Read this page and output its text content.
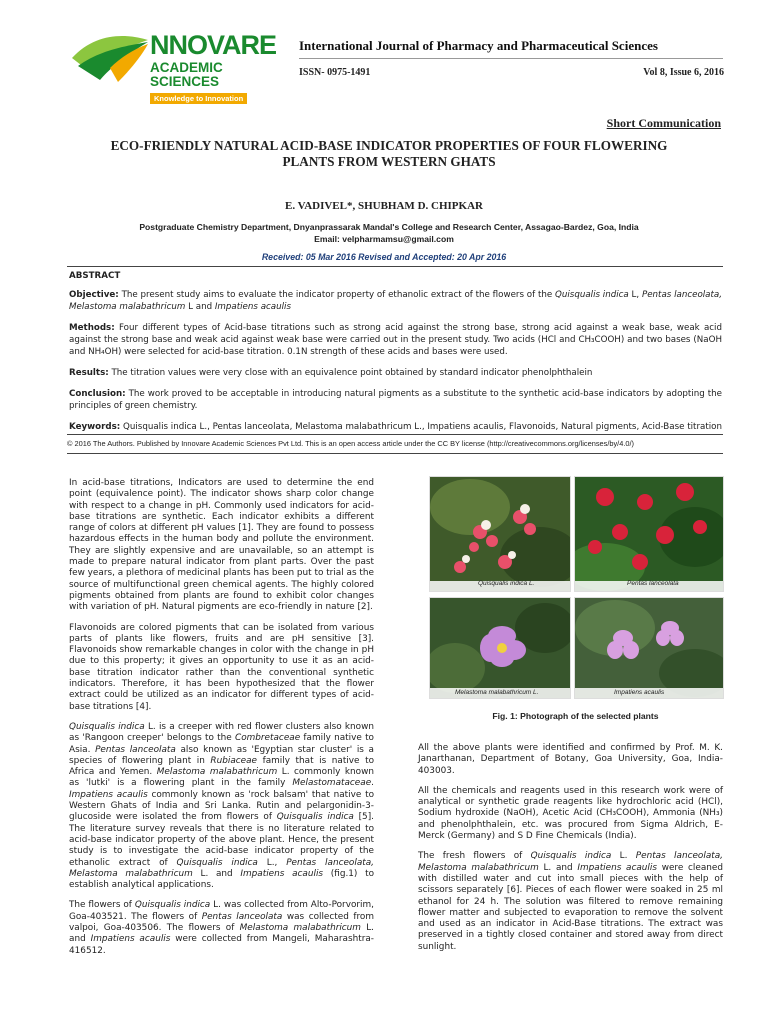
NNOVARE
ACADEMIC SCIENCES
Knowledge to Innovation
International Journal of Pharmacy and Pharmaceutical Sciences
ISSN- 0975-1491	Vol 8, Issue 6, 2016
Short Communication
ECO-FRIENDLY NATURAL ACID-BASE INDICATOR PROPERTIES OF FOUR FLOWERING PLANTS FROM WESTERN GHATS
E. VADIVEL*, SHUBHAM D. CHIPKAR
Postgraduate Chemistry Department, Dnyanprassarak Mandal's College and Research Center, Assagao-Bardez, Goa, India
Email: velpharmamsu@gmail.com
Received: 05 Mar 2016 Revised and Accepted: 20 Apr 2016

ABSTRACT

Objective: The present study aims to evaluate the indicator property of ethanolic extract of the flowers of the Quisqualis indica L, Pentas lanceolata, Melastoma malabathricum L and Impatiens acaulis

Methods: Four different types of Acid-base titrations such as strong acid against the strong base, strong acid against a weak base, weak acid against the strong base and weak acid against weak base were carried out in the present study. Two acids (HCl and CH₃COOH) and two bases (NaOH and NH₄OH) were selected for acid-base titration. 0.1N strength of these acids and bases were used.

Results: The titration values were very close with an equivalence point obtained by standard indicator phenolphthalein

Conclusion: The work proved to be acceptable in introducing natural pigments as a substitute to the synthetic acid-base indicators by adopting the principles of green chemistry.

Keywords: Quisqualis indica L., Pentas lanceolata, Melastoma malabathricum L., Impatiens acaulis, Flavonoids, Natural pigments, Acid-Base titration

© 2016 The Authors. Published by Innovare Academic Sciences Pvt Ltd. This is an open access article under the CC BY license (http://creativecommons.org/licenses/by/4.0/)

In acid-base titrations, Indicators are used to determine the end point (equivalence point). The indicator shows sharp color change with respect to a change in pH. Commonly used indicators for acid-base titrations are synthetic. Each indicator exhibits a different range of colors at different pH values [1]. They are found to possess hazardous effects in the human body and pollute the environment. They are slightly expensive and are unavailable, so an attempt is made to prepare natural indicator from plant parts. Over the past few years, a plethora of medicinal plants has been put to trial as the source of multifunctional green chemical agents. The highly colored pigments obtained from plants are found to exhibit color changes with variation of pH. Natural pigments are eco-friendly in nature [2].

Flavonoids are colored pigments that can be isolated from various parts of plants like flowers, fruits and are pH sensitive [3]. Flavonoids show remarkable changes in color with the change in pH due to this property; it gives an opportunity to use it as an acid-base titration indicator rather than the conventional synthetic indicators. Therefore, it has been hypothesized that the flower extract could be utilized as an indicator for different types of acid-base titrations [4].

Quisqualis indica L. is a creeper with red flower clusters also known as 'Rangoon creeper' belongs to the Combretaceae family native to Asia. Pentas lanceolata also known as 'Egyptian star cluster' is a species of flowering plant in Rubiaceae family that is native to Africa and Yemen. Melastoma malabathricum L. commonly known as 'lutki' is a flowering plant in the family Melastomataceae. Impatiens acaulis commonly known as 'rock balsam' that native to Western Ghats of India and Sri Lanka. Rutin and pelargonidin-3-glucoside were isolated the from flowers of Quisqualis indica [5]. The literature survey reveals that there is no literature related to acid-base indicator property of the above plant. Hence, the present study is to investigate the acid-base indicator property of the ethanolic extract of Quisqualis indica L., Pentas lanceolata, Melastoma malabathricum L. and Impatiens acaulis (fig.1) to establish analytical applications.

The flowers of Quisqualis indica L. was collected from Alto-Porvorim, Goa-403521. The flowers of Pentas lanceolata was collected from valpoi, Goa-403506. The flowers of Melastoma malabathricum L. and Impatiens acaulis were collected from Mangeli, Maharashtra-416512.

Quisqualis indica L.	Pentas lanceolata
Melastoma malabathricum L.	Impatiens acaulis
Fig. 1: Photograph of the selected plants

All the above plants were identified and confirmed by Prof. M. K. Janarthanan, Department of Botany, Goa University, Goa, India-403003.

All the chemicals and reagents used in this research work were of analytical or synthetic grade reagents like hydrochloric acid (HCl), Sodium hydroxide (NaOH), Acetic Acid (CH₃COOH), Ammonia (NH₃) and phenolphthalein, etc. was procured from Sigma Aldrich, E-Merck (Germany) and S D Fine Chemicals (India).

The fresh flowers of Quisqualis indica L. Pentas lanceolata, Melastoma malabathricum L. and Impatiens acaulis were cleaned with distilled water and cut into small pieces with the help of scissors separately [6]. Pieces of each flower were soaked in 25 ml ethanol for 24 h. The solution was filtered to remove remaining flower matter and subjected to evaporation to remove the solvent and used as an indicator in Acid-Base titrations. The extract was preserved in a tightly closed container and stored away from direct sunlight.
